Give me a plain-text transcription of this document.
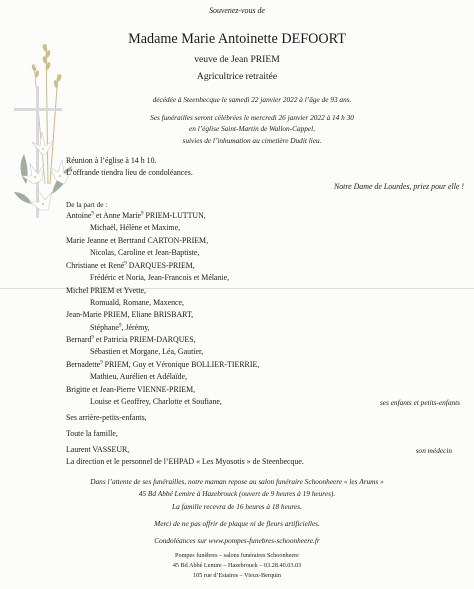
Souvenez-vous de
Madame Marie Antoinette DEFOORT
veuve de Jean PRIEM
Agricultrice retraitée
décédée à Steenbecque le samedi 22 janvier 2022 à l’âge de 93 ans.
Ses funérailles seront célébrées le mercredi 26 janvier 2022 à 14 h 30
en l’église Saint-Martin de Wallon-Cappel,
suivies de l’inhumation au cimetière Dudit lieu.
Réunion à l’église à 14 h 10.
L’offrande tiendra lieu de condoléances.
Notre Dame de Lourdes, priez pour elle !
De la part de :
Antoine$^9$ et Anne Marie$^9$ PRIEM-LUTTUN,
Michaël, Hélène et Maxime,
Marie Jeanne et Bertrand CARTON-PRIEM,
Nicolas, Caroline et Jean-Baptiste,
Christiane et René$^9$ DARQUES-PRIEM,
Frédéric et Noria, Jean-Francois et Mélanie,
Michel PRIEM et Yvette,
Romuald, Romane, Maxence,
Jean-Marie PRIEM, Eliane BRISBART,
Stéphane$^9$, Jérémy,
Bernard$^9$ et Patricia PRIEM-DARQUES,
Sébastien et Morgane, Léa, Gautier,
Bernadette$^9$ PRIEM, Guy et Véronique BOLLIER-TIERRIE,
Mathieu, Aurélien et Adélaïde,
Brigitte et Jean-Pierre VIENNE-PRIEM,
Louise et Geoffrey, Charlotte et Soufiane,	ses enfants et petits-enfants
Ses arrière-petits-enfants,
Toute la famille,
Laurent VASSEUR,	son médecin
La direction et le personnel de l’EHPAD « Les Myosotis » de Steenbecque.
Dans l’attente de ses funérailles, notre maman repose au salon funéraire Schoonheere « les Arums »
45 Bd Abbé Lemire à Hazebrouck (ouvert de 9 heures à 19 heures).
La famille recevra de 16 heures à 18 heures.
Merci de ne pas offrir de plaque ni de fleurs artificielles.
Condoléances sur www.pompes-funebres-schoonheere.fr
Pompes funèbres – salons funéraires Schoonheere
45 Bd Abbé Lemire – Hazebrouck – 03.28.40.03.03
105 rue d’Estaires – Vieux-Berquin
